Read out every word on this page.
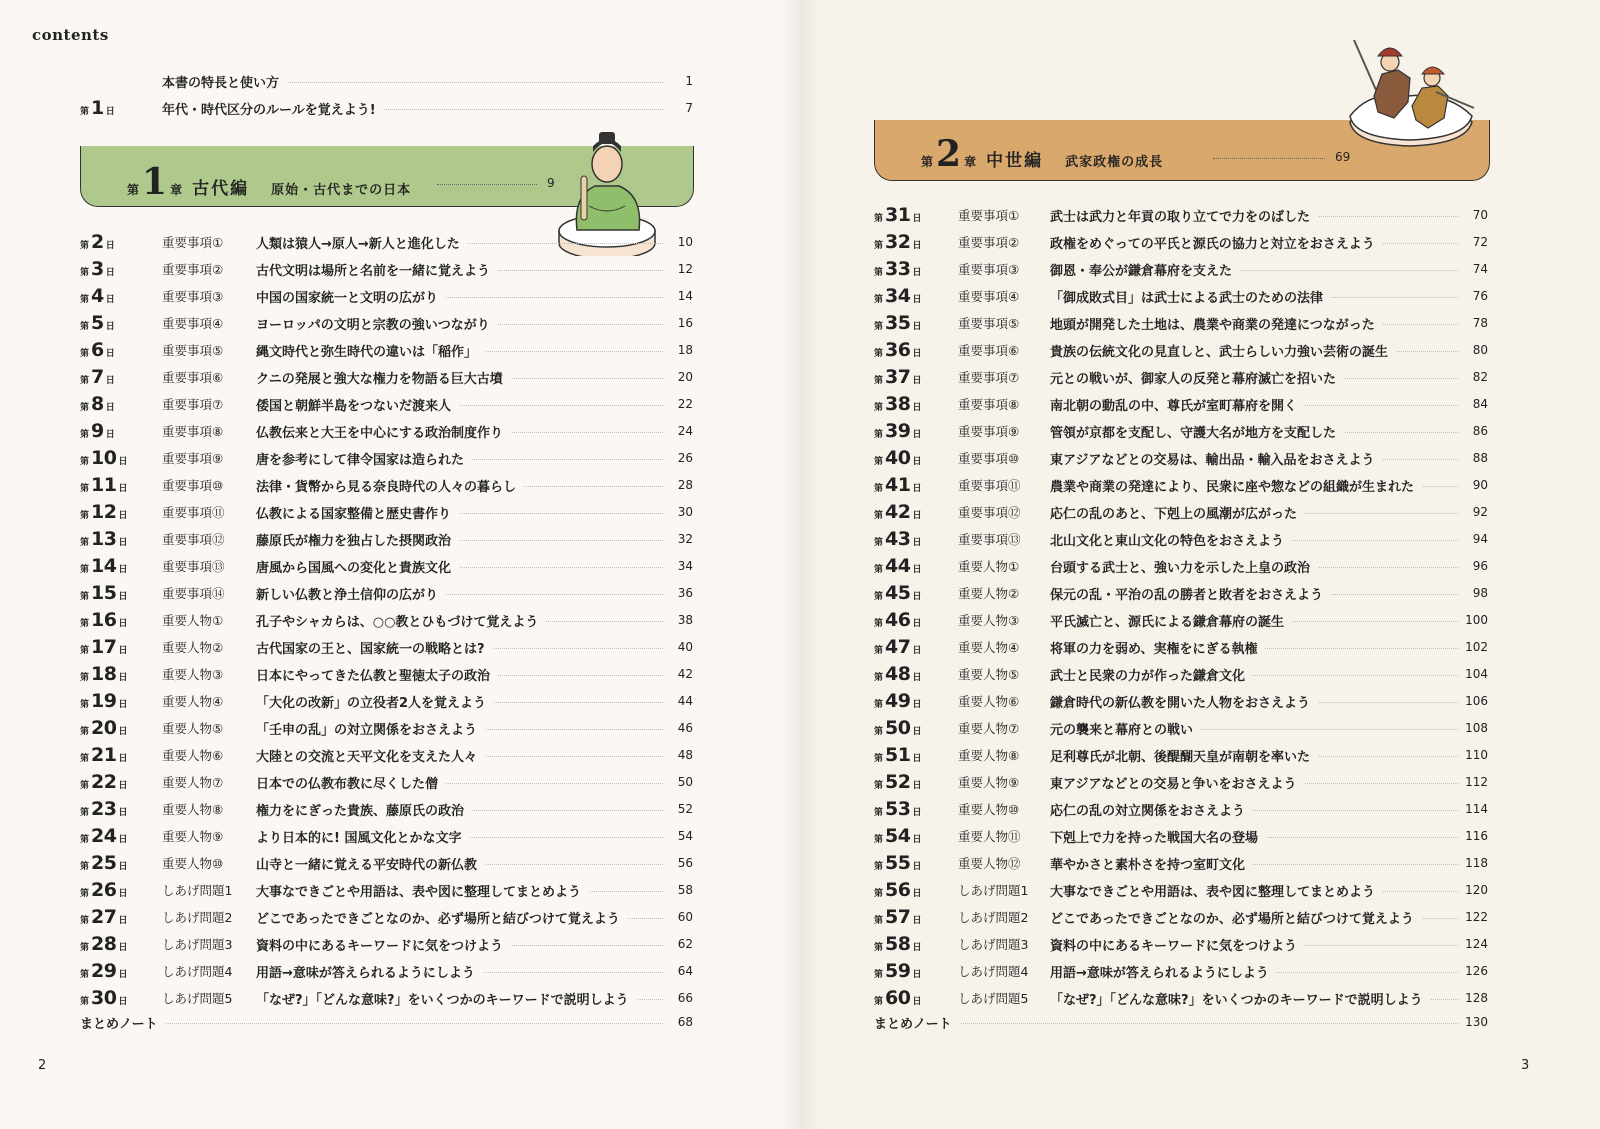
contents
第 1 章 古代編 原始・古代までの日本	9
本書の特長と使い方	1
第 1 日	年代・時代区分のルールを覚えよう!	7
第 2 日	重要事項①	人類は猿人→原人→新人と進化した	10
第 3 日	重要事項②	古代文明は場所と名前を一緒に覚えよう	12
第 4 日	重要事項③	中国の国家統一と文明の広がり	14
第 5 日	重要事項④	ヨーロッパの文明と宗教の強いつながり	16
第 6 日	重要事項⑤	縄文時代と弥生時代の違いは「稲作」	18
第 7 日	重要事項⑥	クニの発展と強大な権力を物語る巨大古墳	20
第 8 日	重要事項⑦	倭国と朝鮮半島をつないだ渡来人	22
第 9 日	重要事項⑧	仏教伝来と大王を中心にする政治制度作り	24
第 10 日	重要事項⑨	唐を参考にして律令国家は造られた	26
第 11 日	重要事項⑩	法律・貨幣から見る奈良時代の人々の暮らし	28
第 12 日	重要事項⑪ 仏教による国家整備と歴史書作り	30
第 13 日	重要事項⑫ 藤原氏が権力を独占した摂関政治	32
第 14 日	重要事項⑬ 唐風から国風への変化と貴族文化	34
第 15 日	重要事項⑭ 新しい仏教と浄土信仰の広がり	36
第 16 日	重要人物①	孔子やシャカらは、○○教とひもづけて覚えよう	38
第 17 日	重要人物②	古代国家の王と、国家統一の戦略とは?	40
第 18 日	重要人物③	日本にやってきた仏教と聖徳太子の政治	42
第 19 日	重要人物④	「大化の改新」の立役者2人を覚えよう	44
第 20 日	重要人物⑤	「壬申の乱」の対立関係をおさえよう	46
第 21 日	重要人物⑥	大陸との交流と天平文化を支えた人々	48
第 22 日	重要人物⑦	日本での仏教布教に尽くした僧	50
第 23 日	重要人物⑧	権力をにぎった貴族、藤原氏の政治	52
第 24 日	重要人物⑨	より日本的に! 国風文化とかな文字	54
第 25 日	重要人物⑩	山寺と一緒に覚える平安時代の新仏教	56
第 26 日	しあげ問題1 大事なできごとや用語は、表や図に整理してまとめよう	58
第 27 日	しあげ問題2 どこであったできごとなのか、必ず場所と結びつけて覚えよう	60
第 28 日	しあげ問題3 資料の中にあるキーワードに気をつけよう	62
第 29 日	しあげ問題4 用語→意味が答えられるようにしよう	64
第 30 日	しあげ問題5 「なぜ?」「どんな意味?」をいくつかのキーワードで説明しよう	66
まとめノート	68
2
第 2 章 中世編 武家政権の成長	69
第 31 日	重要事項① 武士は武力と年貢の取り立てで力をのばした	70
第 32 日	重要事項② 政権をめぐっての平氏と源氏の協力と対立をおさえよう	72
第 33 日	重要事項③ 御恩・奉公が鎌倉幕府を支えた	74
第 34 日	重要事項④ 「御成敗式目」は武士による武士のための法律	76
第 35 日	重要事項⑤ 地頭が開発した土地は、農業や商業の発達につながった	78
第 36 日	重要事項⑥ 貴族の伝統文化の見直しと、武士らしい力強い芸術の誕生	80
第 37 日	重要事項⑦ 元との戦いが、御家人の反発と幕府滅亡を招いた	82
第 38 日	重要事項⑧ 南北朝の動乱の中、尊氏が室町幕府を開く	84
第 39 日	重要事項⑨ 管領が京都を支配し、守護大名が地方を支配した	86
第 40 日	重要事項⑩ 東アジアなどとの交易は、輸出品・輸入品をおさえよう	88
第 41 日	重要事項⑪ 農業や商業の発達により、民衆に座や惣などの組織が生まれた	90
第 42 日	重要事項⑫ 応仁の乱のあと、下剋上の風潮が広がった	92
第 43 日	重要事項⑬ 北山文化と東山文化の特色をおさえよう	94
第 44 日	重要人物① 台頭する武士と、強い力を示した上皇の政治	96
第 45 日	重要人物② 保元の乱・平治の乱の勝者と敗者をおさえよう	98
第 46 日	重要人物③ 平氏滅亡と、源氏による鎌倉幕府の誕生	100
第 47 日	重要人物④ 将軍の力を弱め、実権をにぎる執権	102
第 48 日	重要人物⑤ 武士と民衆の力が作った鎌倉文化	104
第 49 日	重要人物⑥ 鎌倉時代の新仏教を開いた人物をおさえよう	106
第 50 日	重要人物⑦ 元の襲来と幕府との戦い	108
第 51 日	重要人物⑧ 足利尊氏が北朝、後醍醐天皇が南朝を率いた	110
第 52 日	重要人物⑨ 東アジアなどとの交易と争いをおさえよう	112
第 53 日	重要人物⑩ 応仁の乱の対立関係をおさえよう	114
第 54 日	重要人物⑪ 下剋上で力を持った戦国大名の登場	116
第 55 日	重要人物⑫ 華やかさと素朴さを持つ室町文化	118
第 56 日	しあげ問題1 大事なできごとや用語は、表や図に整理してまとめよう	120
第 57 日	しあげ問題2 どこであったできごとなのか、必ず場所と結びつけて覚えよう	122
第 58 日	しあげ問題3 資料の中にあるキーワードに気をつけよう	124
第 59 日	しあげ問題4 用語→意味が答えられるようにしよう	126
第 60 日	しあげ問題5 「なぜ?」「どんな意味?」をいくつかのキーワードで説明しよう	128
まとめノート	130
3
